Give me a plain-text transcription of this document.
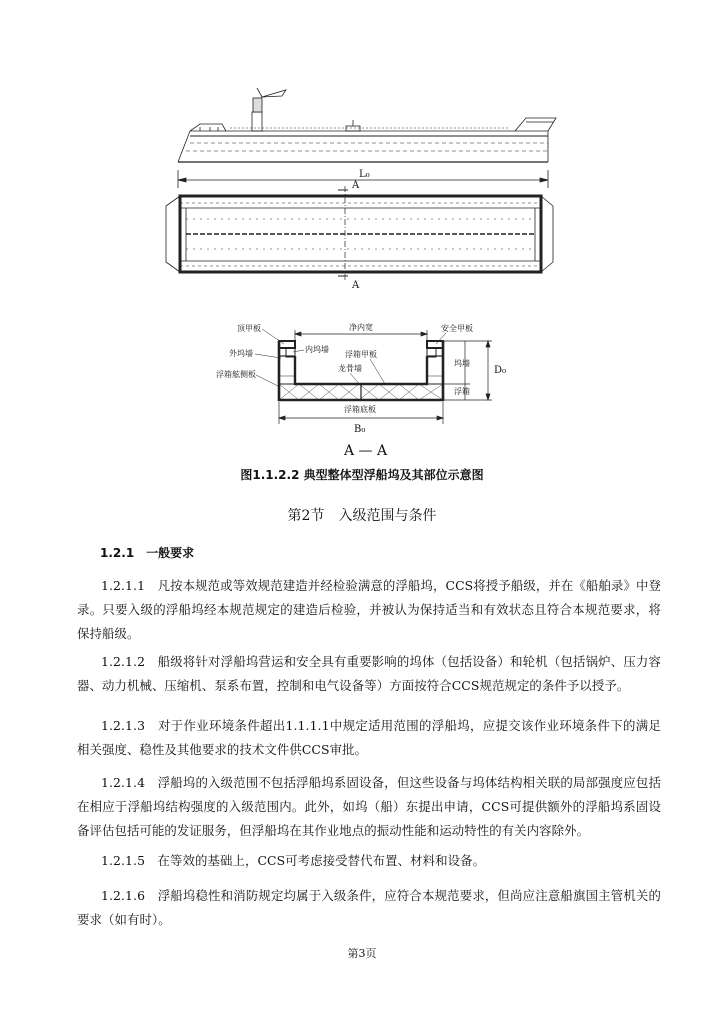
L₀
A
A
净内宽
顶甲板	安全甲板
内坞墙
外坞墙	浮箱甲板
浮箱舷侧板
龙骨墙
坞墙
D₀
浮箱
浮箱底板
B₀
A — A
图1.1.2.2 典型整体型浮船坞及其部位示意图
第2节　入级范围与条件
1.2.1　一般要求

1.2.1.1　凡按本规范或等效规范建造并经检验满意的浮船坞，CCS将授予船级，并在《船舶录》中登录。只要入级的浮船坞经本规范规定的建造后检验，并被认为保持适当和有效状态且符合本规范要求，将保持船级。

1.2.1.2　船级将针对浮船坞营运和安全具有重要影响的坞体（包括设备）和轮机（包括锅炉、压力容器、动力机械、压缩机、泵系布置，控制和电气设备等）方面按符合CCS规范规定的条件予以授予。

1.2.1.3　对于作业环境条件超出1.1.1.1中规定适用范围的浮船坞，应提交该作业环境条件下的满足相关强度、稳性及其他要求的技术文件供CCS审批。

1.2.1.4　浮船坞的入级范围不包括浮船坞系固设备，但这些设备与坞体结构相关联的局部强度应包括在相应于浮船坞结构强度的入级范围内。此外，如坞（船）东提出申请，CCS可提供额外的浮船坞系固设备评估包括可能的发证服务，但浮船坞在其作业地点的振动性能和运动特性的有关内容除外。

1.2.1.5　在等效的基础上，CCS可考虑接受替代布置、材料和设备。

1.2.1.6　浮船坞稳性和消防规定均属于入级条件，应符合本规范要求，但尚应注意船旗国主管机关的要求（如有时）。

第3页
